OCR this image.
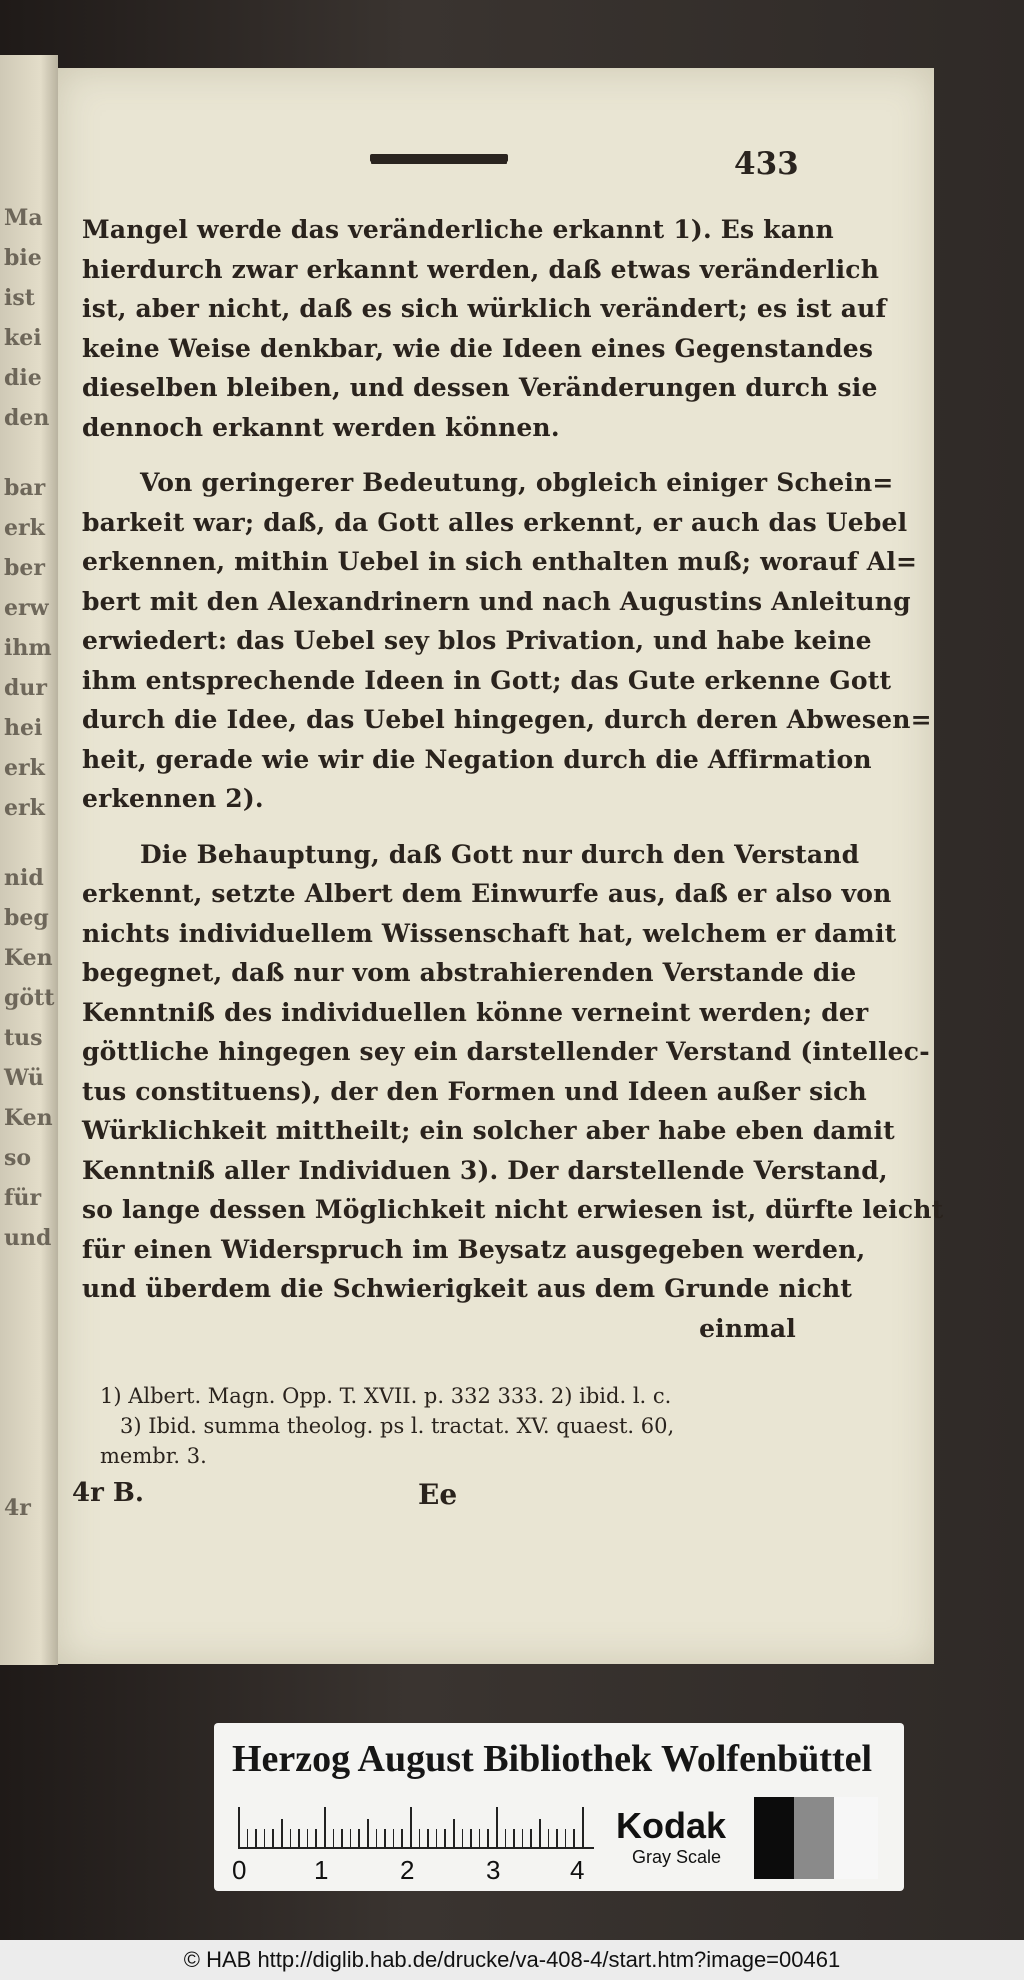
Ma
bie
ist
kei
die
den
bar
erk
ber
erw
ihm
dur
hei
erk
erk
nid
beg
Ken
gött
tus
Wü
Ken
so
für
und
4r
433
Mangel werde das veränderliche erkannt 1). Es kann
hierdurch zwar erkannt werden, daß etwas veränderlich
ist, aber nicht, daß es sich würklich verändert; es ist auf
keine Weise denkbar, wie die Ideen eines Gegenstandes
dieselben bleiben, und dessen Veränderungen durch sie
dennoch erkannt werden können.
Von geringerer Bedeutung, obgleich einiger Schein=
barkeit war; daß, da Gott alles erkennt, er auch das Uebel
erkennen, mithin Uebel in sich enthalten muß; worauf Al=
bert mit den Alexandrinern und nach Augustins Anleitung
erwiedert: das Uebel sey blos Privation, und habe keine
ihm entsprechende Ideen in Gott; das Gute erkenne Gott
durch die Idee, das Uebel hingegen, durch deren Abwesen=
heit, gerade wie wir die Negation durch die Affirmation
erkennen 2).
Die Behauptung, daß Gott nur durch den Verstand
erkennt, setzte Albert dem Einwurfe aus, daß er also von
nichts individuellem Wissenschaft hat, welchem er damit
begegnet, daß nur vom abstrahierenden Verstande die
Kenntniß des individuellen könne verneint werden; der
göttliche hingegen sey ein darstellender Verstand (intellec-
tus constituens), der den Formen und Ideen außer sich
Würklichkeit mittheilt; ein solcher aber habe eben damit
Kenntniß aller Individuen 3). Der darstellende Verstand,
so lange dessen Möglichkeit nicht erwiesen ist, dürfte leicht
für einen Widerspruch im Beysatz ausgegeben werden,
und überdem die Schwierigkeit aus dem Grunde nicht
einmal
1) Albert. Magn. Opp. T. XVII. p. 332 333. 2) ibid. l. c.
3) Ibid. summa theolog. ps l. tractat. XV. quaest. 60,
membr. 3.
4r B.	Ee
Herzog August Bibliothek Wolfenbüttel
0	1	2	3	4
Kodak
Gray Scale
© HAB http://diglib.hab.de/drucke/va-408-4/start.htm?image=00461
